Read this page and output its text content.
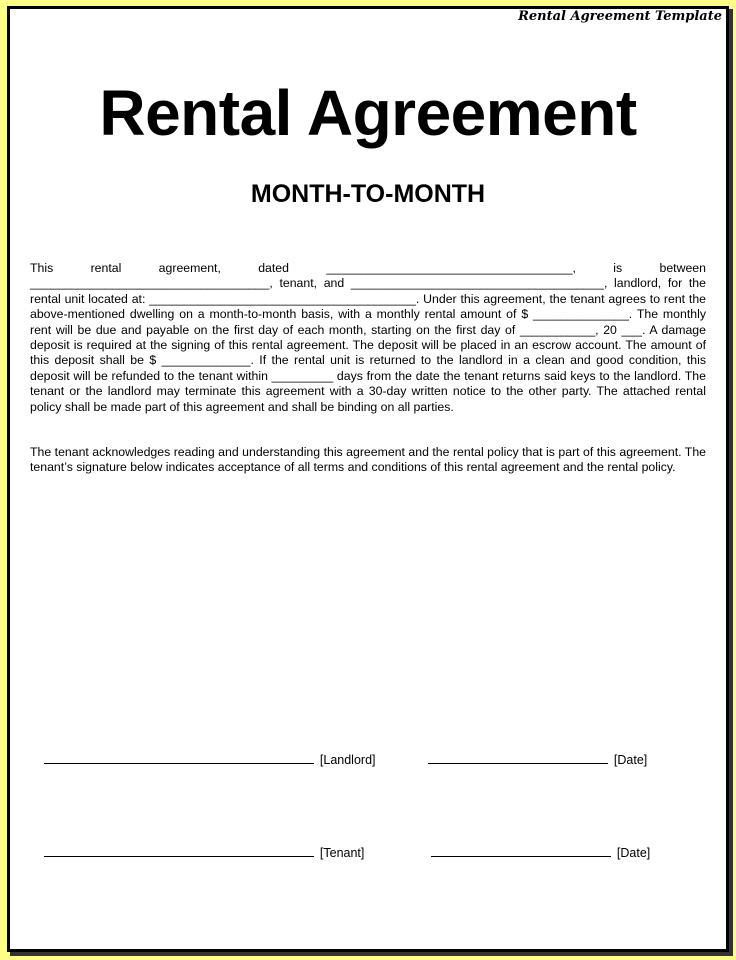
Rental Agreement Template
Rental Agreement
MONTH-TO-MONTH
This rental agreement, dated ____________________________________, is between ___________________________________, tenant, and _____________________________________, landlord, for the rental unit located at: _______________________________________. Under this agreement, the tenant agrees to rent the above-mentioned dwelling on a month-to-month basis, with a monthly rental amount of $ ______________. The monthly rent will be due and payable on the first day of each month, starting on the first day of ___________, 20 ___. A damage deposit is required at the signing of this rental agreement. The deposit will be placed in an escrow account. The amount of this deposit shall be $ _____________. If the rental unit is returned to the landlord in a clean and good condition, this deposit will be refunded to the tenant within _________ days from the date the tenant returns said keys to the landlord. The tenant or the landlord may terminate this agreement with a 30-day written notice to the other party. The attached rental policy shall be made part of this agreement and shall be binding on all parties.
The tenant acknowledges reading and understanding this agreement and the rental policy that is part of this agreement. The tenant’s signature below indicates acceptance of all terms and conditions of this rental agreement and the rental policy.

[Landlord]
	[Date]

[Tenant]
	[Date]
